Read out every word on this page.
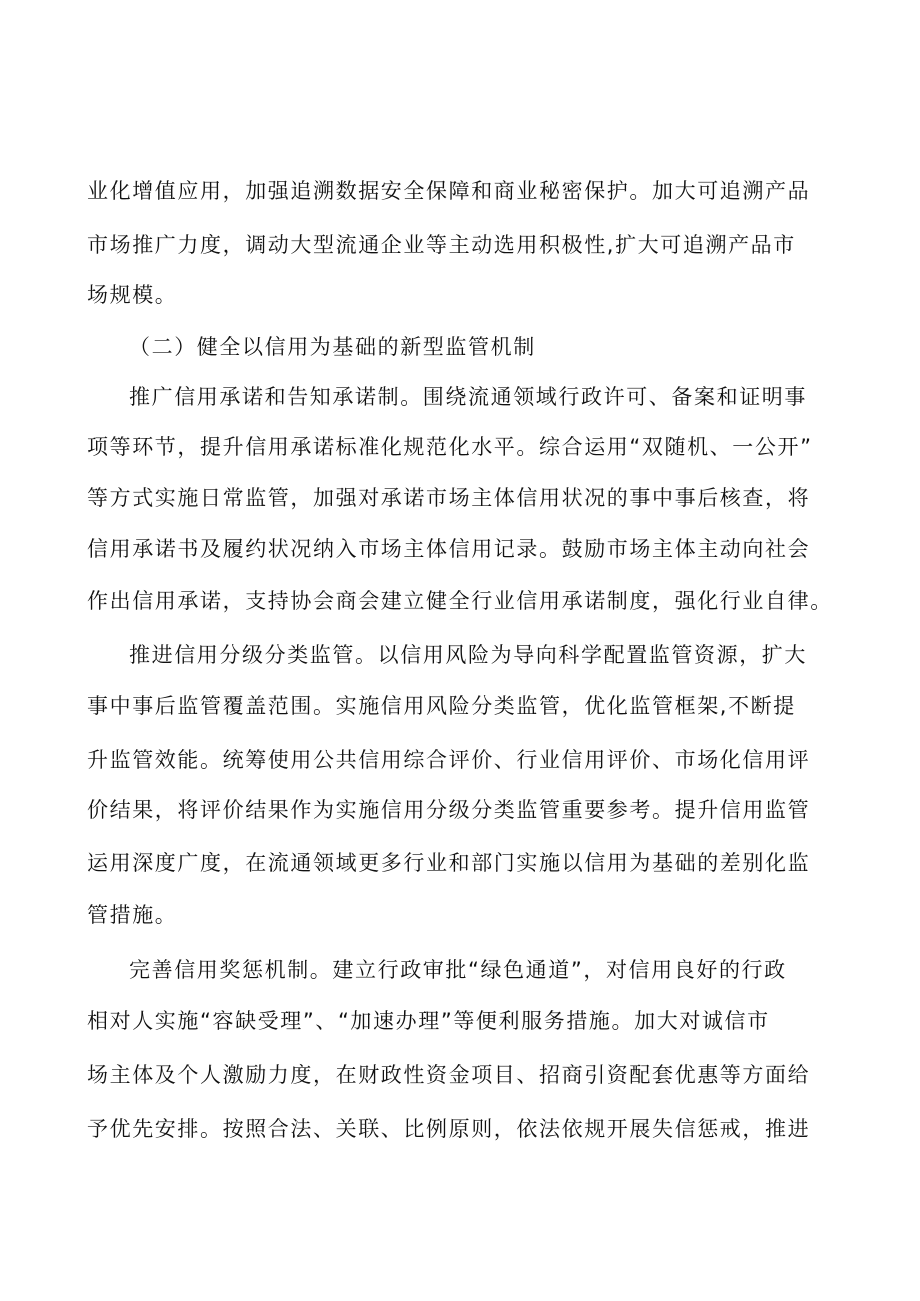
业化增值应用，加强追溯数据安全保障和商业秘密保护。加大可追溯产品
市场推广力度，调动大型流通企业等主动选用积极性,扩大可追溯产品市
场规模。
（二）健全以信用为基础的新型监管机制
推广信用承诺和告知承诺制。围绕流通领域行政许可、备案和证明事
项等环节，提升信用承诺标准化规范化水平。综合运用“双随机、一公开”
等方式实施日常监管，加强对承诺市场主体信用状况的事中事后核查，将
信用承诺书及履约状况纳入市场主体信用记录。鼓励市场主体主动向社会
作出信用承诺，支持协会商会建立健全行业信用承诺制度，强化行业自律。
推进信用分级分类监管。以信用风险为导向科学配置监管资源，扩大
事中事后监管覆盖范围。实施信用风险分类监管，优化监管框架,不断提
升监管效能。统筹使用公共信用综合评价、行业信用评价、市场化信用评
价结果，将评价结果作为实施信用分级分类监管重要参考。提升信用监管
运用深度广度，在流通领域更多行业和部门实施以信用为基础的差别化监
管措施。
完善信用奖惩机制。建立行政审批“绿色通道”，对信用良好的行政
相对人实施“容缺受理”、“加速办理”等便利服务措施。加大对诚信市
场主体及个人激励力度，在财政性资金项目、招商引资配套优惠等方面给
予优先安排。按照合法、关联、比例原则，依法依规开展失信惩戒，推进
